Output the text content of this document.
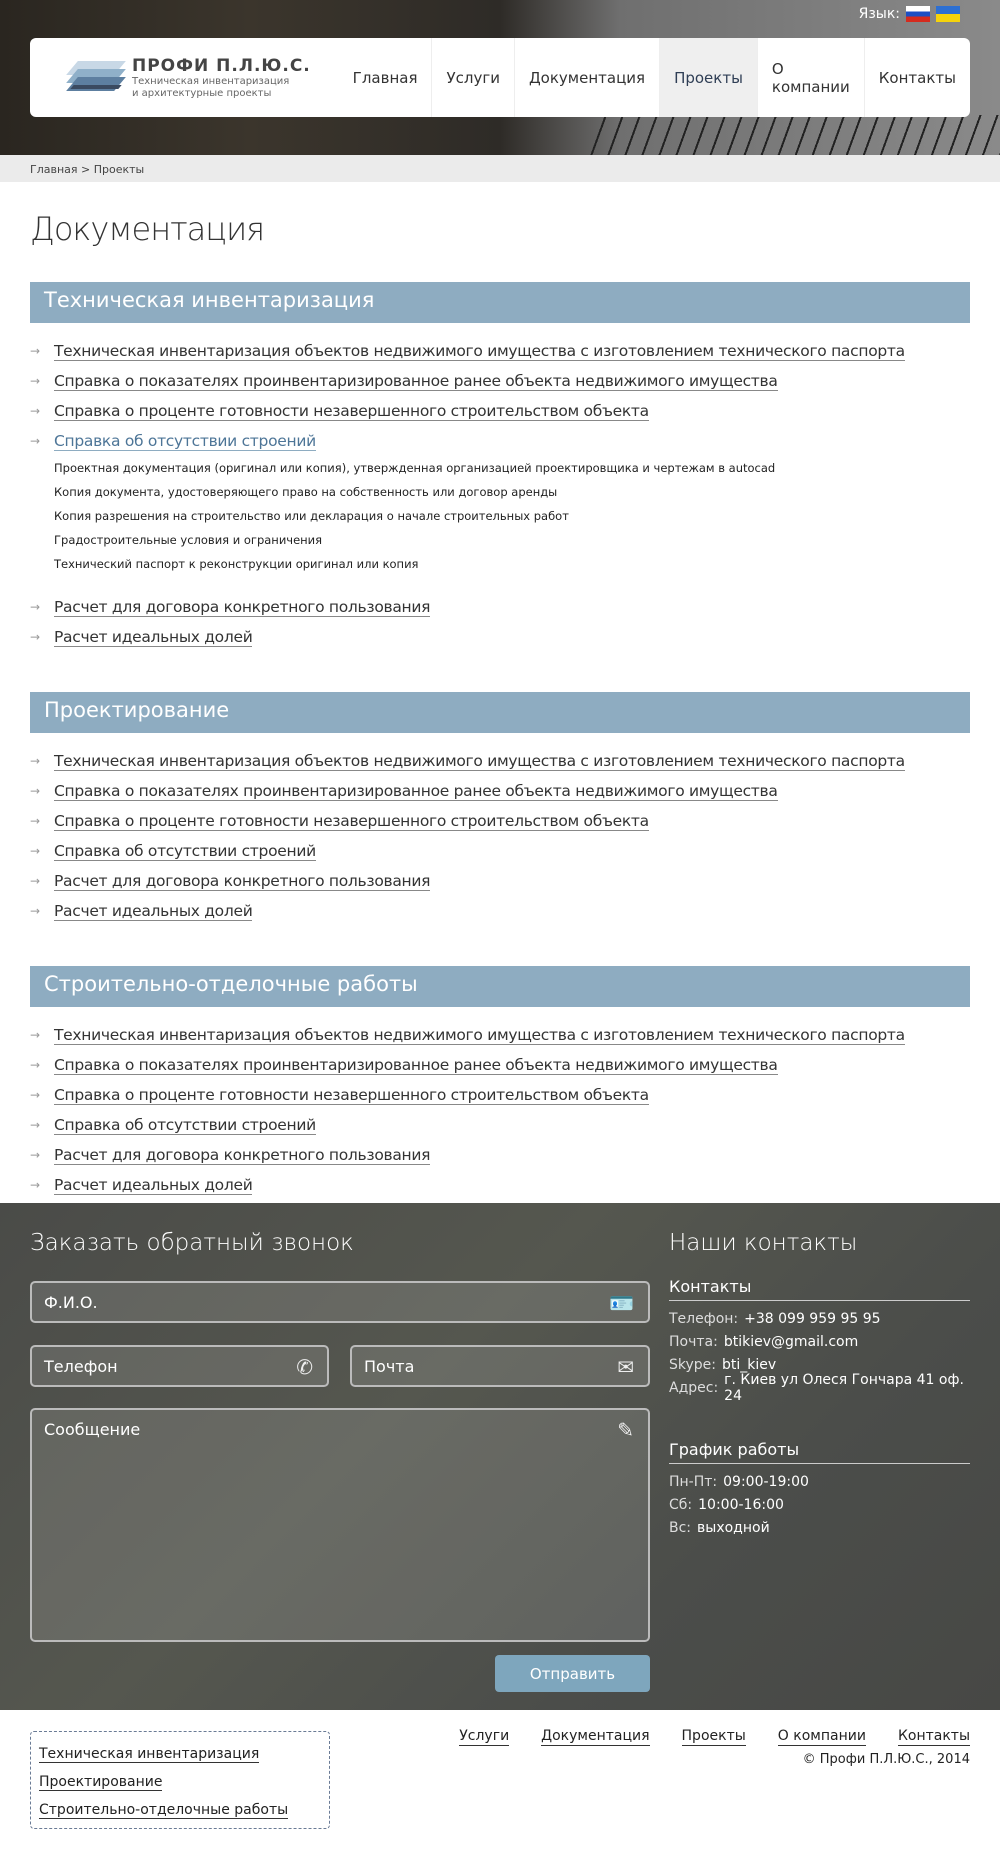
Язык:
ПРОФИ П.Л.Ю.С.
Техническая инвентаризация
и архитектурные проекты
Главная	Услуги	Документация	Проекты	О компании	Контакты
Главная > Проекты
Документация
Техническая инвентаризация
→ Техническая инвентаризация объектов недвижимого имущества с изготовлением технического паспорта
→ Справка о показателях проинвентаризированное ранее объекта недвижимого имущества
→ Справка о проценте готовности незавершенного строительством объекта
→ Справка об отсутствии строений
Проектная документация (оригинал или копия), утвержденная организацией проектировщика и чертежам в autocad
Копия документа, удостоверяющего право на собственность или договор аренды
Копия разрешения на строительство или декларация о начале строительных работ
Градостроительные условия и ограничения
Технический паспорт к реконструкции оригинал или копия
→ Расчет для договора конкретного пользования
→ Расчет идеальных долей
Проектирование
→ Техническая инвентаризация объектов недвижимого имущества с изготовлением технического паспорта
→ Справка о показателях проинвентаризированное ранее объекта недвижимого имущества
→ Справка о проценте готовности незавершенного строительством объекта
→ Справка об отсутствии строений
→ Расчет для договора конкретного пользования
→ Расчет идеальных долей
Строительно-отделочные работы
→ Техническая инвентаризация объектов недвижимого имущества с изготовлением технического паспорта
→ Справка о показателях проинвентаризированное ранее объекта недвижимого имущества
→ Справка о проценте готовности незавершенного строительством объекта
→ Справка об отсутствии строений
→ Расчет для договора конкретного пользования
→ Расчет идеальных долей
Заказать обратный звонок
Ф.И.О.	🪪
Телефон	✆	Почта	✉
Сообщение	✎
Отправить
Наши контакты
Контакты
Телефон: +38 099 959 95 95
Почта: btikiev@gmail.com
Skype: bti_kiev
Адрес: г. Киев ул Олеся Гончара 41 оф. 24
График работы
Пн-Пт: 09:00-19:00
Сб: 10:00-16:00
Вс: выходной
Техническая инвентаризация
Проектирование
Строительно-отделочные работы
Услуги Документация Проекты О компании Контакты
© Профи П.Л.Ю.С., 2014
